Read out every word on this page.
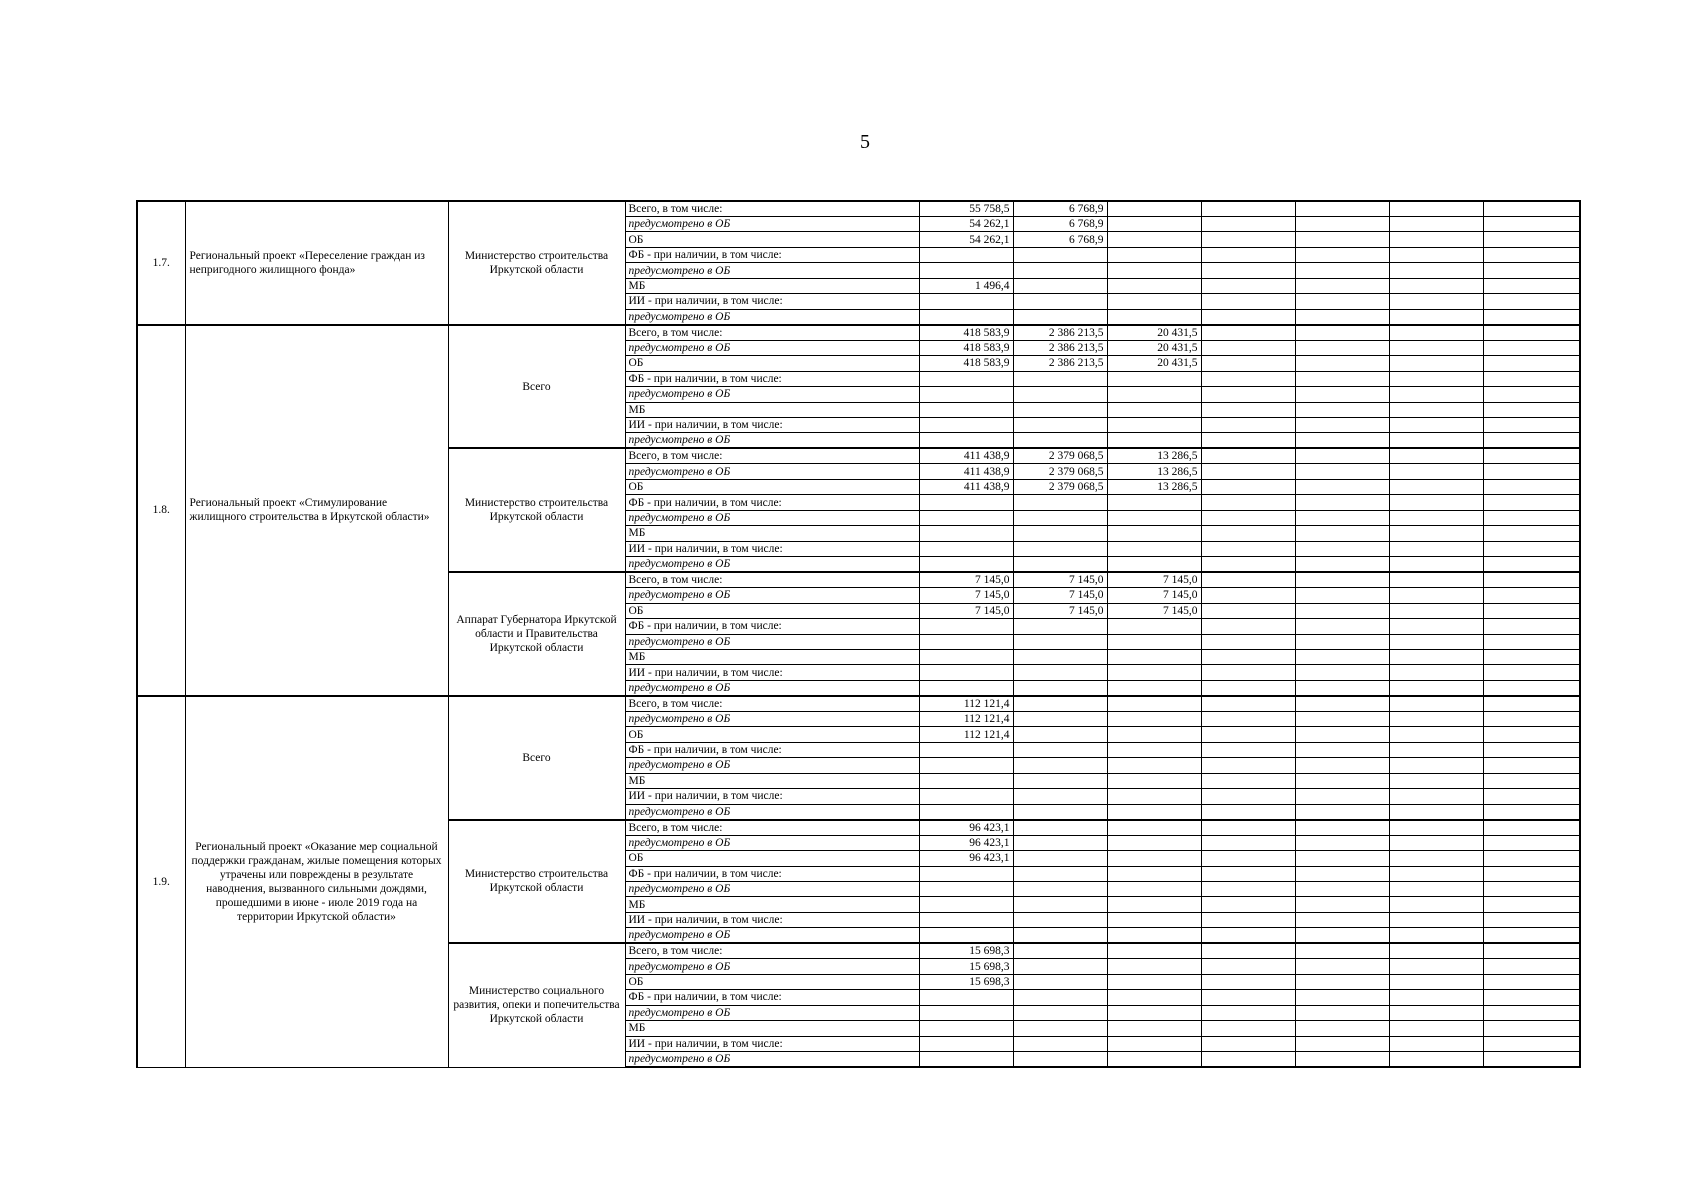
5
1.7.	Региональный проект «Переселение граждан из непригодного жилищного фонда»	Министерство строительства Иркутской области	Всего, в том числе:	55 758,5	6 768,9					
			предусмотрено в ОБ	54 262,1	6 768,9					
			ОБ	54 262,1	6 768,9					
			ФБ - при наличии, в том числе:							
			предусмотрено в ОБ							
			МБ	1 496,4						
			ИИ - при наличии, в том числе:							
			предусмотрено в ОБ							
1.8.	Региональный проект «Стимулирование жилищного строительства в Иркутской области»	Всего	Всего, в том числе:	418 583,9	2 386 213,5	20 431,5				
			предусмотрено в ОБ	418 583,9	2 386 213,5	20 431,5				
			ОБ	418 583,9	2 386 213,5	20 431,5				
			ФБ - при наличии, в том числе:							
			предусмотрено в ОБ							
			МБ							
			ИИ - при наличии, в том числе:							
			предусмотрено в ОБ							
		Министерство строительства Иркутской области	Всего, в том числе:	411 438,9	2 379 068,5	13 286,5				
			предусмотрено в ОБ	411 438,9	2 379 068,5	13 286,5				
			ОБ	411 438,9	2 379 068,5	13 286,5				
			ФБ - при наличии, в том числе:							
			предусмотрено в ОБ							
			МБ							
			ИИ - при наличии, в том числе:							
			предусмотрено в ОБ							
		Аппарат Губернатора Иркутской области и Правительства Иркутской области	Всего, в том числе:	7 145,0	7 145,0	7 145,0				
			предусмотрено в ОБ	7 145,0	7 145,0	7 145,0				
			ОБ	7 145,0	7 145,0	7 145,0				
			ФБ - при наличии, в том числе:							
			предусмотрено в ОБ							
			МБ							
			ИИ - при наличии, в том числе:							
			предусмотрено в ОБ							
1.9.	Региональный проект «Оказание мер социальной поддержки гражданам, жилые помещения которых утрачены или повреждены в результате наводнения, вызванного сильными дождями, прошедшими в июне - июле 2019 года на территории Иркутской области»	Всего	Всего, в том числе:	112 121,4						
			предусмотрено в ОБ	112 121,4						
			ОБ	112 121,4						
			ФБ - при наличии, в том числе:							
			предусмотрено в ОБ							
			МБ							
			ИИ - при наличии, в том числе:							
			предусмотрено в ОБ							
		Министерство строительства Иркутской области	Всего, в том числе:	96 423,1						
			предусмотрено в ОБ	96 423,1						
			ОБ	96 423,1						
			ФБ - при наличии, в том числе:							
			предусмотрено в ОБ							
			МБ							
			ИИ - при наличии, в том числе:							
			предусмотрено в ОБ							
		Министерство социального развития, опеки и попечительства Иркутской области	Всего, в том числе:	15 698,3						
			предусмотрено в ОБ	15 698,3						
			ОБ	15 698,3						
			ФБ - при наличии, в том числе:							
			предусмотрено в ОБ							
			МБ							
			ИИ - при наличии, в том числе:							
			предусмотрено в ОБ							
